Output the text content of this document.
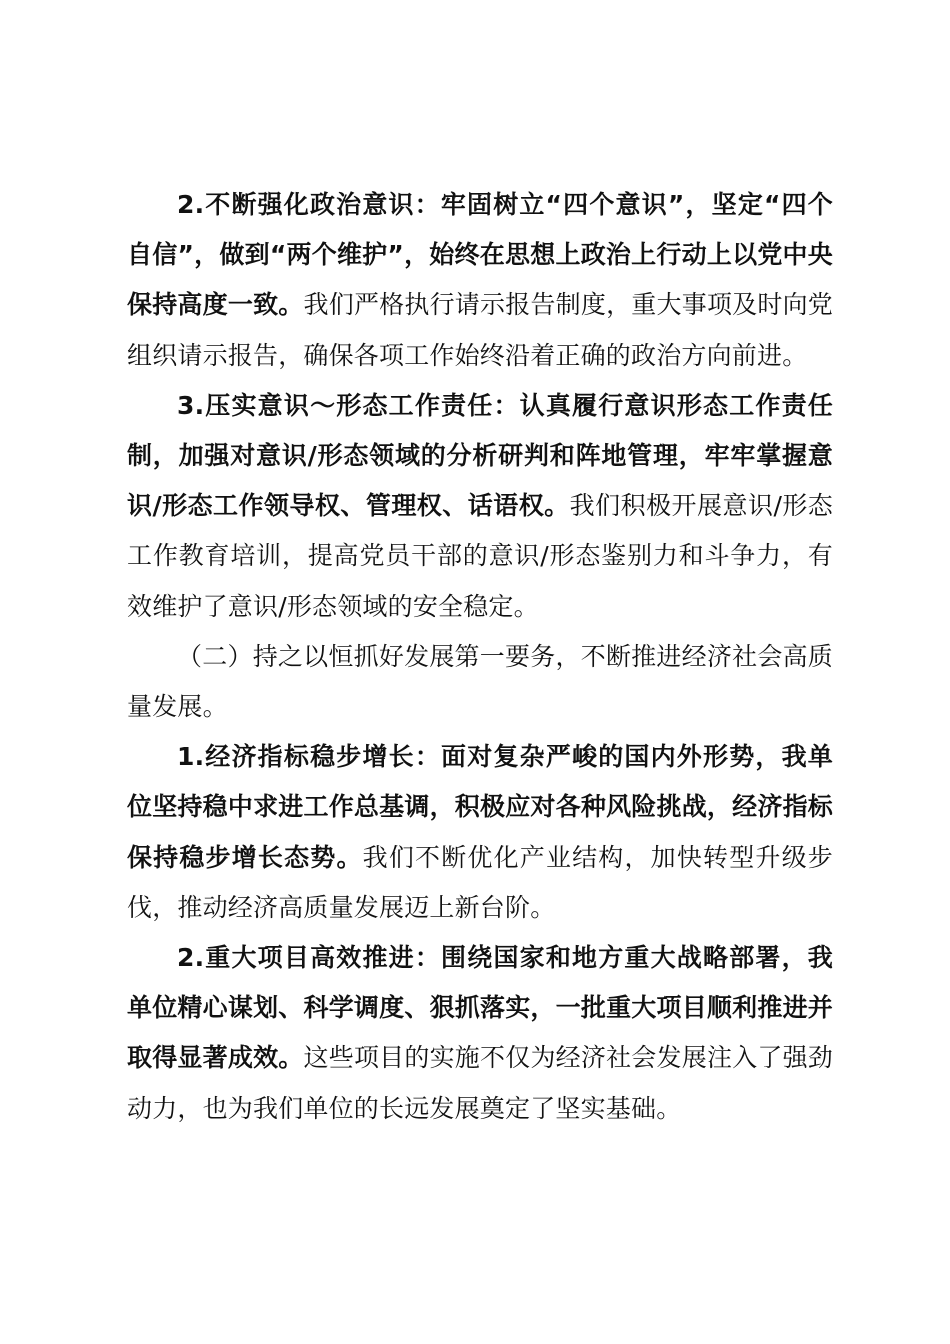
2.不断强化政治意识：牢固树立“四个意识”，坚定“四个自信”，做到“两个维护”，始终在思想上政治上行动上以党中央保持高度一致。我们严格执行请示报告制度，重大事项及时向党组织请示报告，确保各项工作始终沿着正确的政治方向前进。

3.压实意识～形态工作责任：认真履行意识形态工作责任制，加强对意识/形态领域的分析研判和阵地管理，牢牢掌握意识/形态工作领导权、管理权、话语权。我们积极开展意识/形态工作教育培训，提高党员干部的意识/形态鉴别力和斗争力，有效维护了意识/形态领域的安全稳定。

（二）持之以恒抓好发展第一要务，不断推进经济社会高质量发展。

1.经济指标稳步增长：面对复杂严峻的国内外形势，我单位坚持稳中求进工作总基调，积极应对各种风险挑战，经济指标保持稳步增长态势。我们不断优化产业结构，加快转型升级步伐，推动经济高质量发展迈上新台阶。

2.重大项目高效推进：围绕国家和地方重大战略部署，我单位精心谋划、科学调度、狠抓落实，一批重大项目顺利推进并取得显著成效。这些项目的实施不仅为经济社会发展注入了强劲动力，也为我们单位的长远发展奠定了坚实基础。
